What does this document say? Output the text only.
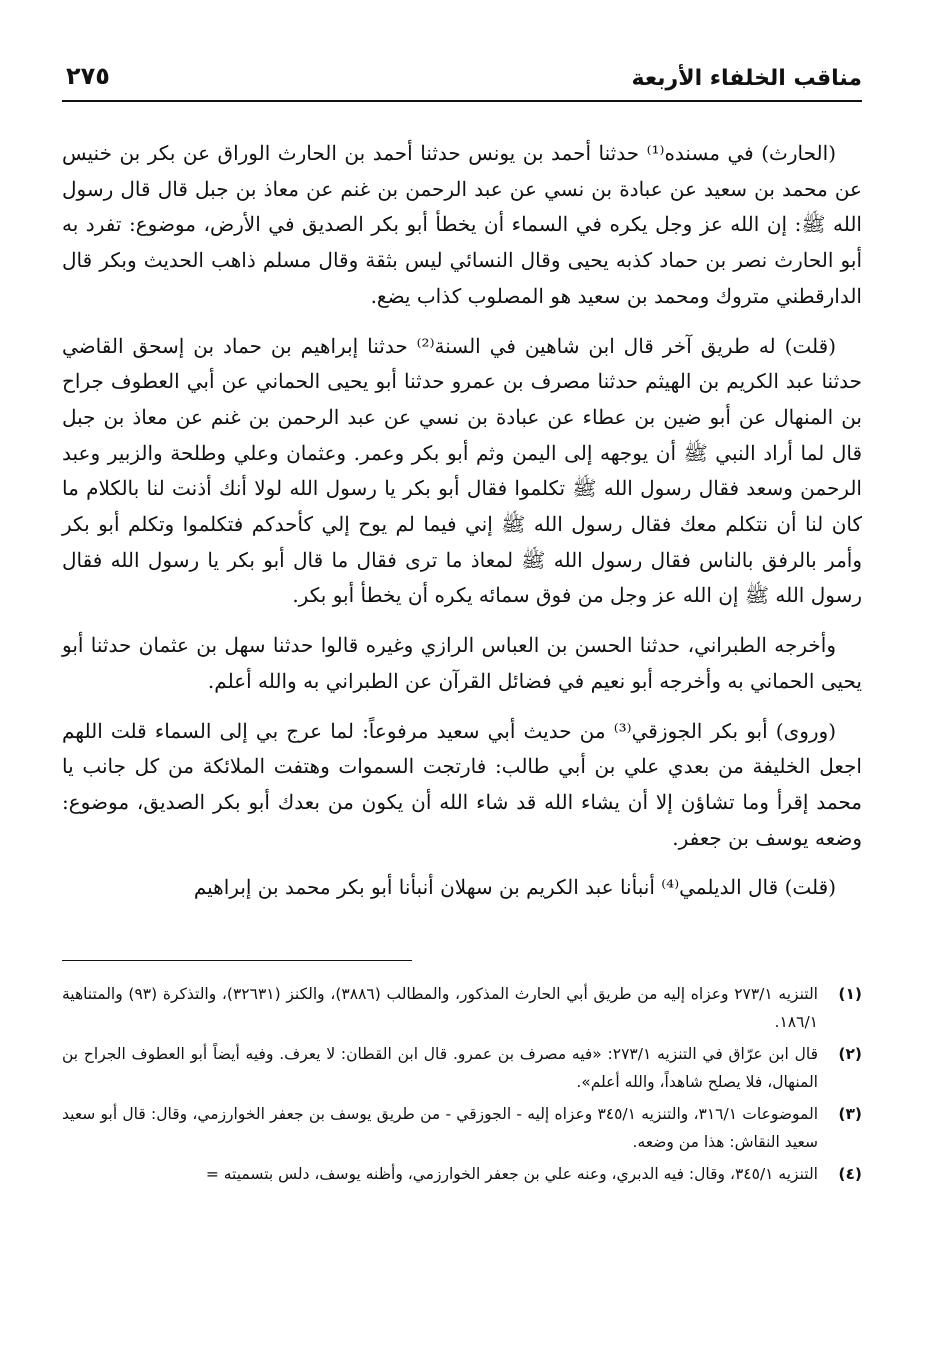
مناقب الخلفاء الأربعة
٢٧٥

(الحارث) في مسنده⁽¹⁾ حدثنا أحمد بن يونس حدثنا أحمد بن الحارث الوراق عن بكر بن خنيس عن محمد بن سعيد عن عبادة بن نسي عن عبد الرحمن بن غنم عن معاذ بن جبل قال قال رسول الله ﷺ: إن الله عز وجل يكره في السماء أن يخطأ أبو بكر الصديق في الأرض، موضوع: تفرد به أبو الحارث نصر بن حماد كذبه يحيى وقال النسائي ليس بثقة وقال مسلم ذاهب الحديث وبكر قال الدارقطني متروك ومحمد بن سعيد هو المصلوب كذاب يضع.

(قلت) له طريق آخر قال ابن شاهين في السنة⁽²⁾ حدثنا إبراهيم بن حماد بن إسحق القاضي حدثنا عبد الكريم بن الهيثم حدثنا مصرف بن عمرو حدثنا أبو يحيى الحماني عن أبي العطوف جراح بن المنهال عن أبو ضين بن عطاء عن عبادة بن نسي عن عبد الرحمن بن غنم عن معاذ بن جبل قال لما أراد النبي ﷺ أن يوجهه إلى اليمن وثم أبو بكر وعمر. وعثمان وعلي وطلحة والزبير وعبد الرحمن وسعد فقال رسول الله ﷺ تكلموا فقال أبو بكر يا رسول الله لولا أنك أذنت لنا بالكلام ما كان لنا أن نتكلم معك فقال رسول الله ﷺ إني فيما لم يوح إلي كأحدكم فتكلموا وتكلم أبو بكر وأمر بالرفق بالناس فقال رسول الله ﷺ لمعاذ ما ترى فقال ما قال أبو بكر يا رسول الله فقال رسول الله ﷺ إن الله عز وجل من فوق سمائه يكره أن يخطأ أبو بكر.

وأخرجه الطبراني، حدثنا الحسن بن العباس الرازي وغيره قالوا حدثنا سهل بن عثمان حدثنا أبو يحيى الحماني به وأخرجه أبو نعيم في فضائل القرآن عن الطبراني به والله أعلم.

(وروى) أبو بكر الجوزقي⁽³⁾ من حديث أبي سعيد مرفوعاً: لما عرج بي إلى السماء قلت اللهم اجعل الخليفة من بعدي علي بن أبي طالب: فارتجت السموات وهتفت الملائكة من كل جانب يا محمد إقرأ وما تشاؤن إلا أن يشاء الله قد شاء الله أن يكون من بعدك أبو بكر الصديق، موضوع: وضعه يوسف بن جعفر.

(قلت) قال الديلمي⁽⁴⁾ أنبأنا عبد الكريم بن سهلان أنبأنا أبو بكر محمد بن إبراهيم

(١)
التنزيه ٢٧٣/١ وعزاه إليه من طريق أبي الحارث المذكور، والمطالب (٣٨٨٦)، والكنز (٣٢٦٣١)، والتذكرة (٩٣) والمتناهية ١٨٦/١.
(٢)
قال ابن عرّاق في التنزيه ٢٧٣/١: «فيه مصرف بن عمرو. قال ابن القطان: لا يعرف. وفيه أيضاً أبو العطوف الجراح بن المنهال، فلا يصلح شاهداً، والله أعلم».
(٣)
الموضوعات ٣١٦/١، والتنزيه ٣٤٥/١ وعزاه إليه - الجوزقي - من طريق يوسف بن جعفر الخوارزمي، وقال: قال أبو سعيد سعيد النقاش: هذا من وضعه.
(٤)
التنزيه ٣٤٥/١، وقال: فيه الدبري، وعنه علي بن جعفر الخوارزمي، وأظنه يوسف، دلس بتسميته =
